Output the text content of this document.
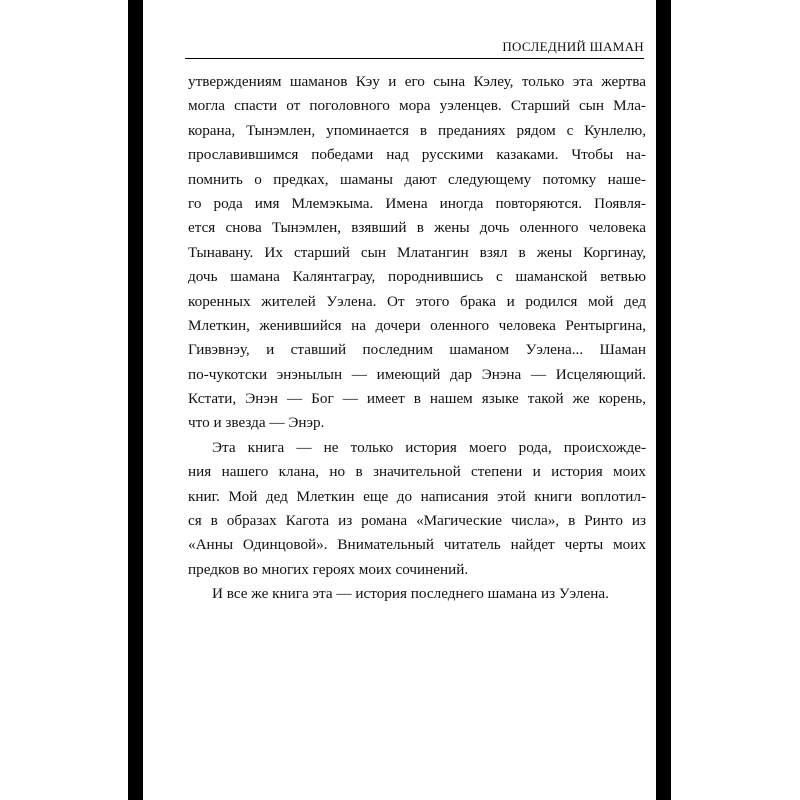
ПОСЛЕДНИЙ ШАМАН
утверждениям шаманов Кэу и его сына Кэлеу, только эта жертва
могла спасти от поголовного мора уэленцев. Старший сын Млa-
корана, Тынэмлен, упоминается в преданиях рядом с Кунлелю,
прославившимся победами над русскими казаками. Чтобы на-
помнить о предках, шаманы дают следующему потомку наше-
го рода имя Млемэкыма. Имена иногда повторяются. Появля-
ется снова Тынэмлен, взявший в жены дочь оленного человека
Тынавану. Их старший сын Млатангин взял в жены Коргинау,
дочь шамана Калянтаграу, породнившись с шаманской ветвью
коренных жителей Уэлена. От этого брака и родился мой дед
Млеткин, женившийся на дочери оленного человека Рентыргина,
Гивэвнэу, и ставший последним шаманом Уэлена... Шаман
по-чукотски энэнылын — имеющий дар Энэна — Исцеляющий.
Кстати, Энэн — Бог — имеет в нашем языке такой же корень,
что и звезда — Энэр.
Эта книга — не только история моего рода, происхожде-
ния нашего клана, но в значительной степени и история моих
книг. Мой дед Млеткин еще до написания этой книги воплотил-
ся в образах Кагота из романа «Магические числа», в Ринто из
«Анны Одинцовой». Внимательный читатель найдет черты моих
предков во многих героях моих сочинений.
И все же книга эта — история последнего шамана из Уэлена.
